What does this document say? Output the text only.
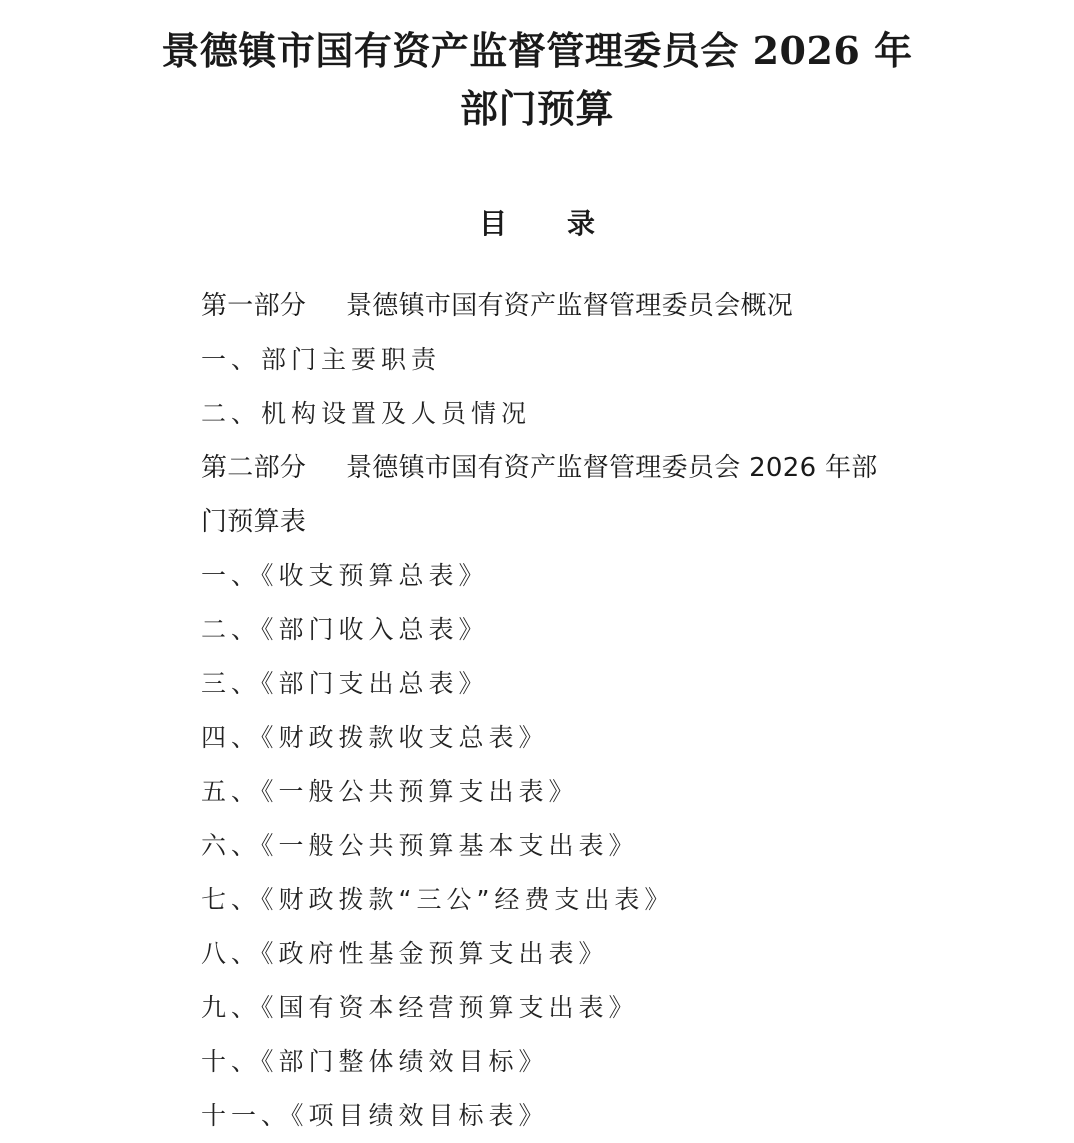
景德镇市国有资产监督管理委员会 2026 年
部门预算
目 录
第一部分 景德镇市国有资产监督管理委员会概况
一、部门主要职责
二、机构设置及人员情况
第二部分 景德镇市国有资产监督管理委员会 2026 年部
门预算表
一、《收支预算总表》
二、《部门收入总表》
三、《部门支出总表》
四、《财政拨款收支总表》
五、《一般公共预算支出表》
六、《一般公共预算基本支出表》
七、《财政拨款“三公”经费支出表》
八、《政府性基金预算支出表》
九、《国有资本经营预算支出表》
十、《部门整体绩效目标》
十一、《项目绩效目标表》
